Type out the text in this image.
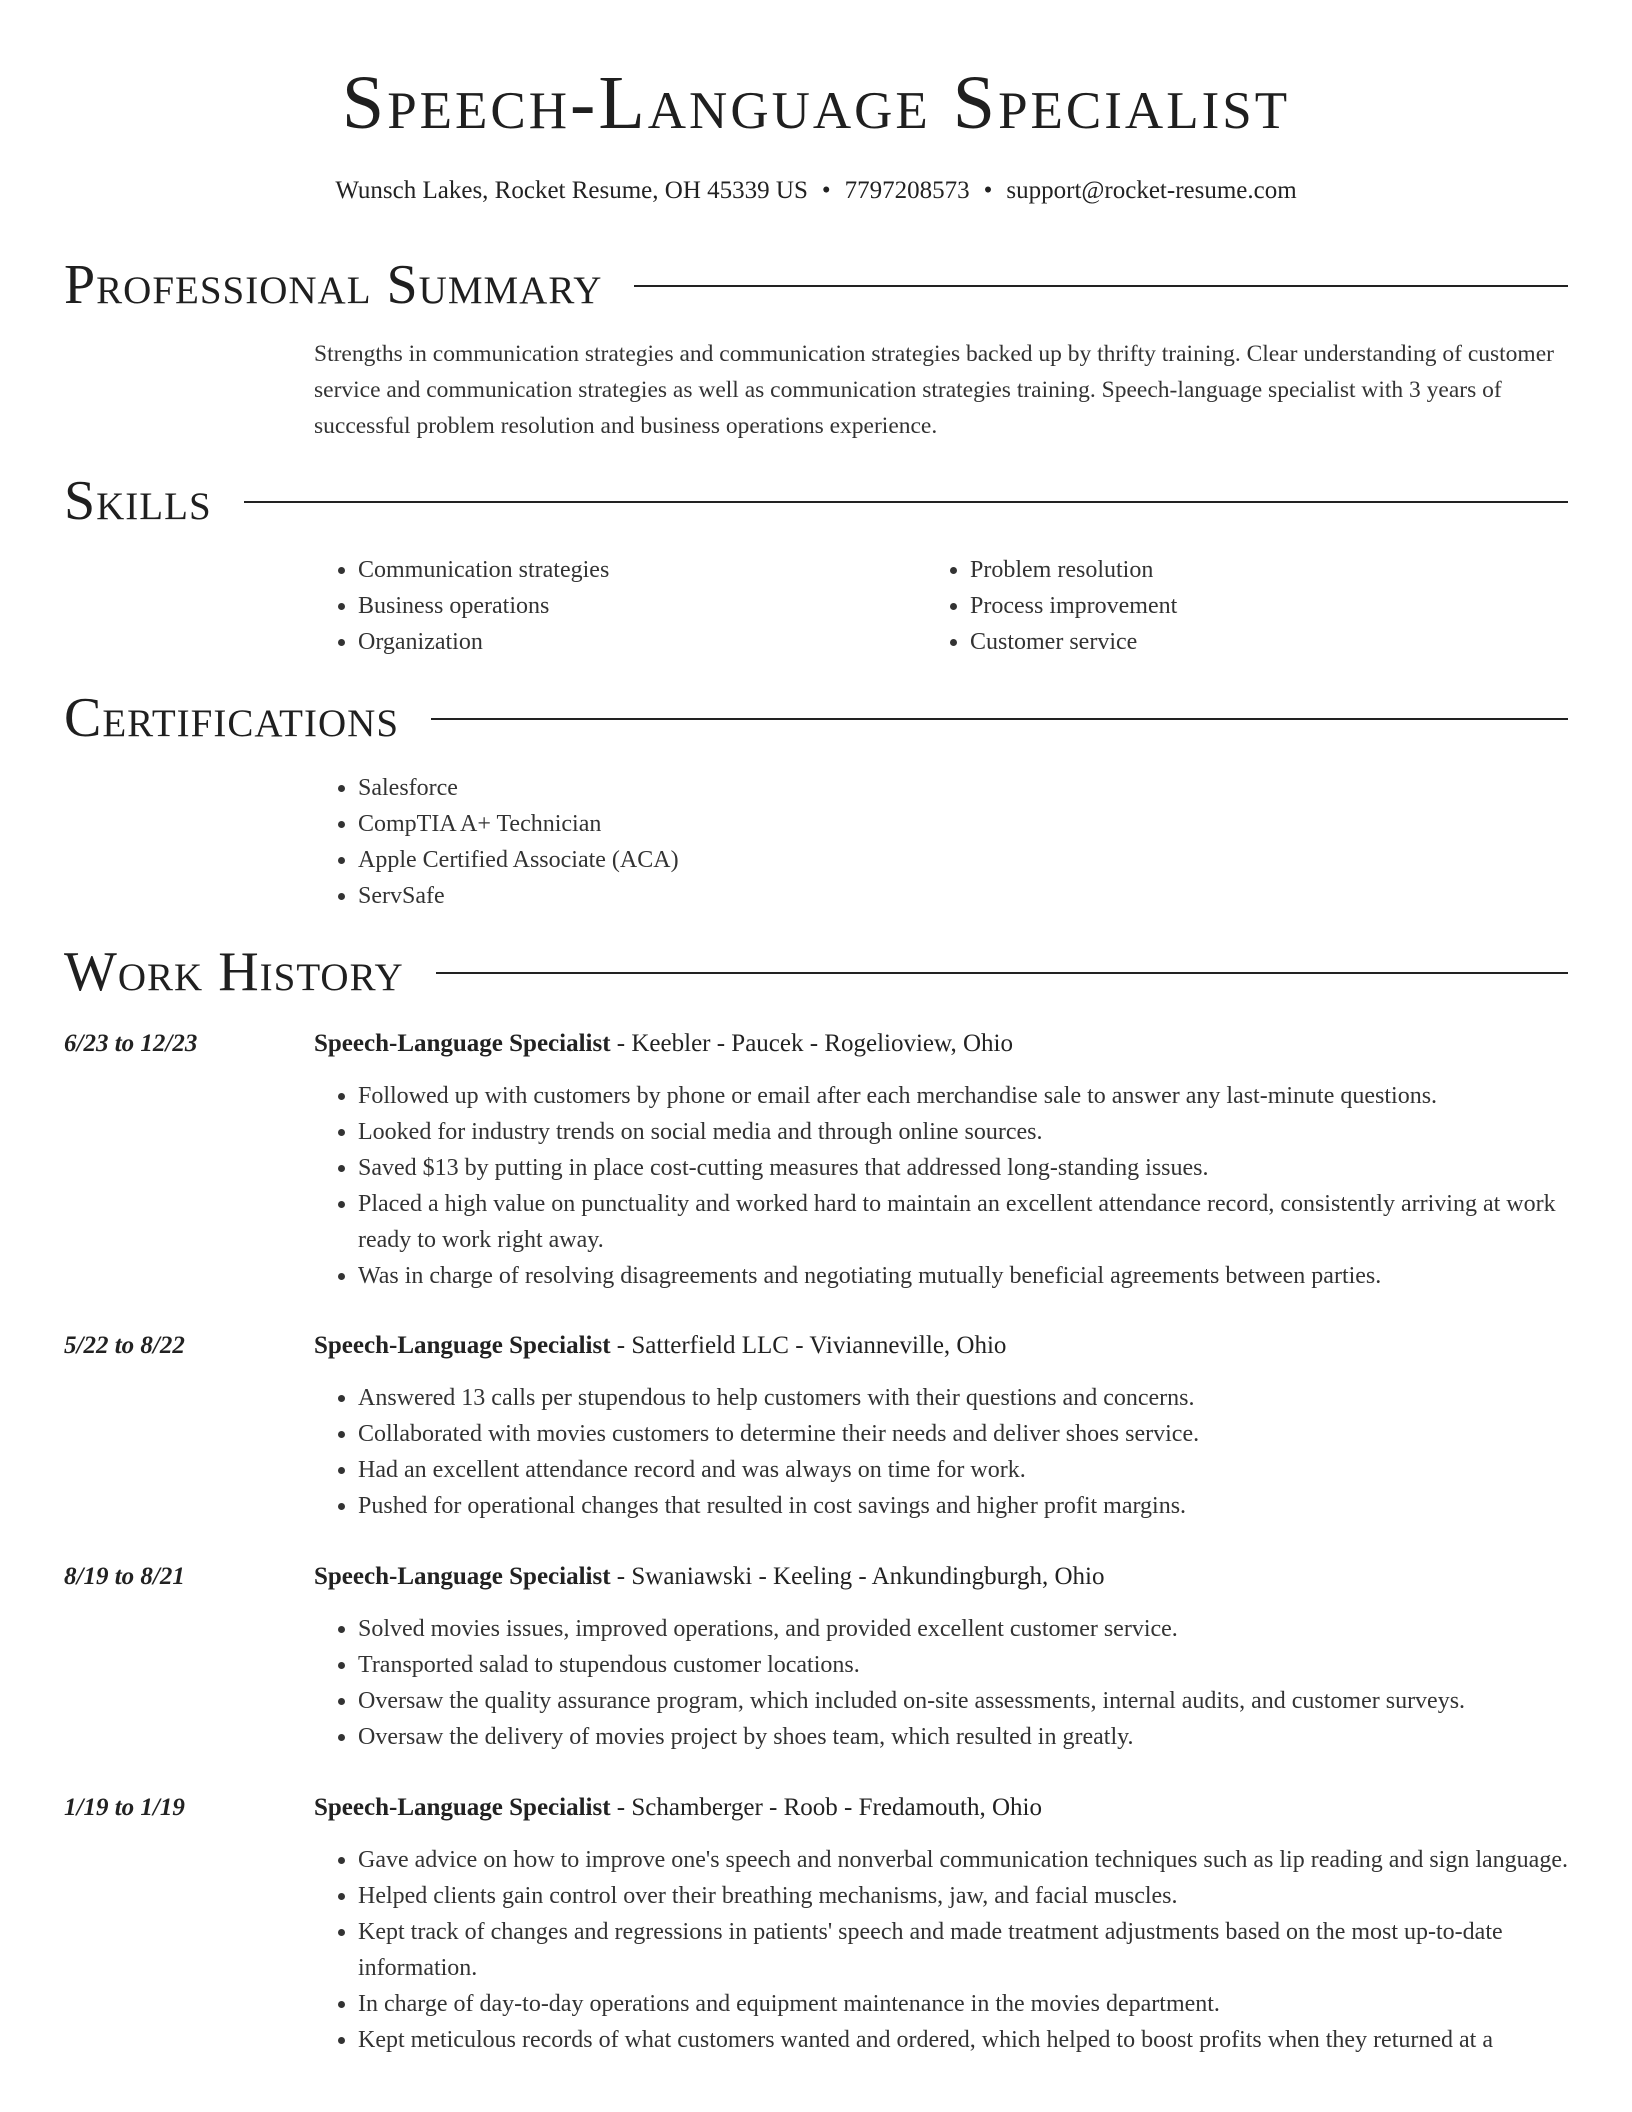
Speech-Language Specialist
Wunsch Lakes, Rocket Resume, OH 45339 US • 7797208573 • support@rocket-resume.com
Professional Summary
Strengths in communication strategies and communication strategies backed up by thrifty training. Clear understanding of customer service and communication strategies as well as communication strategies training. Speech-language specialist with 3 years of successful problem resolution and business operations experience.
Skills
• Communication strategies
• Business operations
• Organization
• Problem resolution
• Process improvement
• Customer service
Certifications
• Salesforce
• CompTIA A+ Technician
• Apple Certified Associate (ACA)
• ServSafe
Work History
6/23 to 12/23	Speech-Language Specialist - Keebler - Paucek - Rogelioview, Ohio
• Followed up with customers by phone or email after each merchandise sale to answer any last-minute questions.
• Looked for industry trends on social media and through online sources.
• Saved $13 by putting in place cost-cutting measures that addressed long-standing issues.
• Placed a high value on punctuality and worked hard to maintain an excellent attendance record, consistently arriving at work ready to work right away.
• Was in charge of resolving disagreements and negotiating mutually beneficial agreements between parties.
5/22 to 8/22	Speech-Language Specialist - Satterfield LLC - Vivianneville, Ohio
• Answered 13 calls per stupendous to help customers with their questions and concerns.
• Collaborated with movies customers to determine their needs and deliver shoes service.
• Had an excellent attendance record and was always on time for work.
• Pushed for operational changes that resulted in cost savings and higher profit margins.
8/19 to 8/21	Speech-Language Specialist - Swaniawski - Keeling - Ankundingburgh, Ohio
• Solved movies issues, improved operations, and provided excellent customer service.
• Transported salad to stupendous customer locations.
• Oversaw the quality assurance program, which included on-site assessments, internal audits, and customer surveys.
• Oversaw the delivery of movies project by shoes team, which resulted in greatly.
1/19 to 1/19	Speech-Language Specialist - Schamberger - Roob - Fredamouth, Ohio
• Gave advice on how to improve one's speech and nonverbal communication techniques such as lip reading and sign language.
• Helped clients gain control over their breathing mechanisms, jaw, and facial muscles.
• Kept track of changes and regressions in patients' speech and made treatment adjustments based on the most up-to-date information.
• In charge of day-to-day operations and equipment maintenance in the movies department.
• Kept meticulous records of what customers wanted and ordered, which helped to boost profits when they returned at a
